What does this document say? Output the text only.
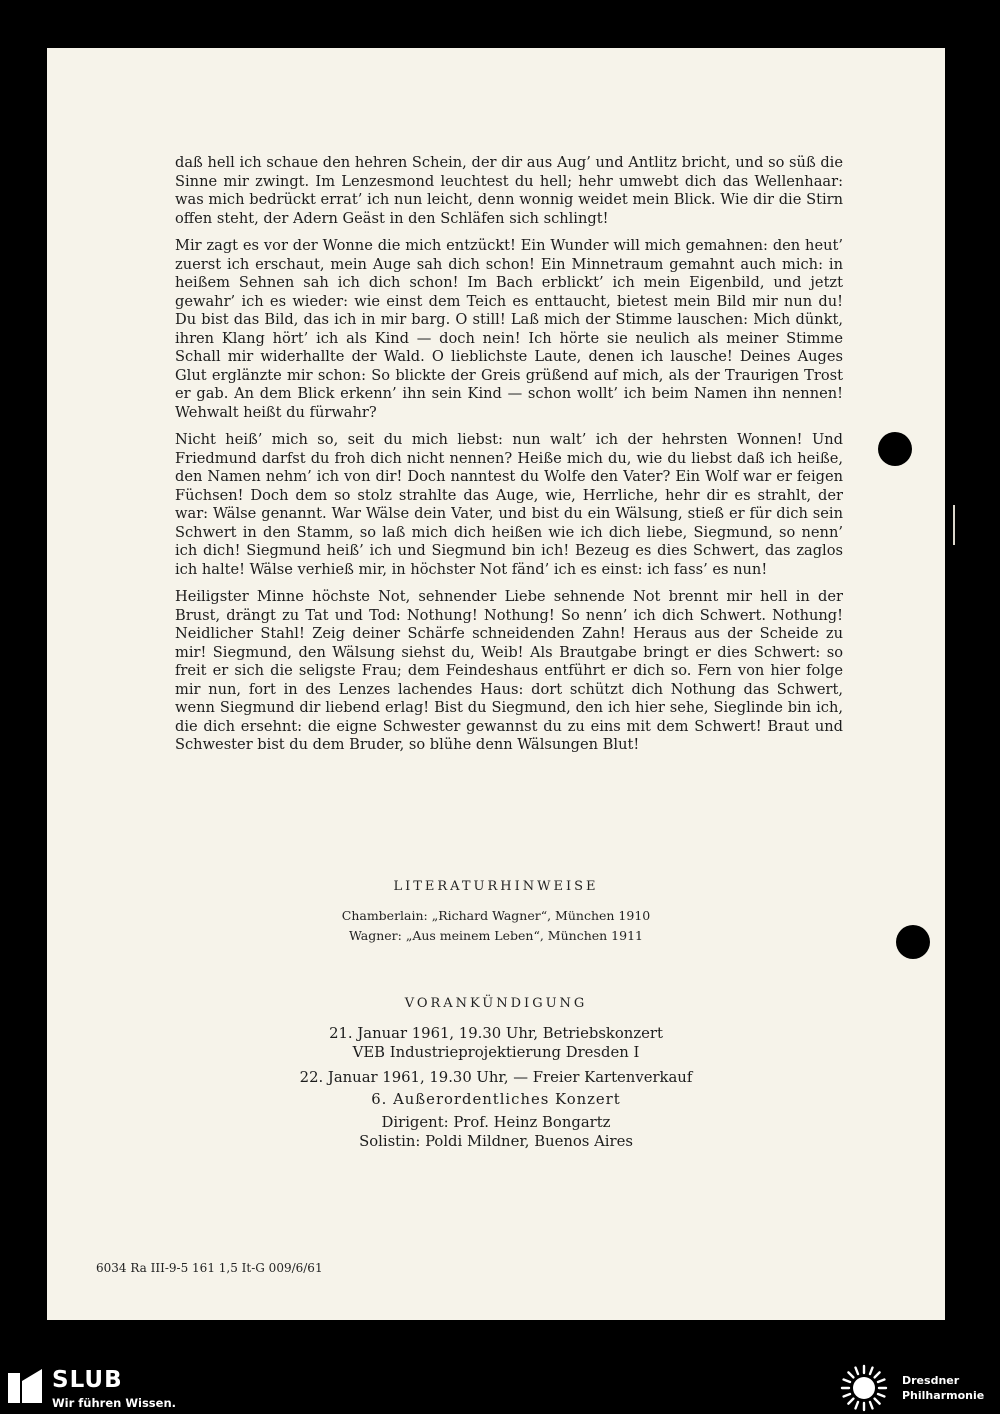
daß hell ich schaue den hehren Schein, der dir aus Aug’ und Antlitz bricht, und so süß die Sinne mir zwingt. Im Lenzesmond leuchtest du hell; hehr umwebt dich das Wellenhaar: was mich bedrückt errat’ ich nun leicht, denn wonnig weidet mein Blick. Wie dir die Stirn offen steht, der Adern Geäst in den Schläfen sich schlingt!

Mir zagt es vor der Wonne die mich entzückt! Ein Wunder will mich gemahnen: den heut’ zuerst ich erschaut, mein Auge sah dich schon! Ein Minnetraum gemahnt auch mich: in heißem Sehnen sah ich dich schon! Im Bach erblickt’ ich mein Eigenbild, und jetzt gewahr’ ich es wieder: wie einst dem Teich es enttaucht, bietest mein Bild mir nun du! Du bist das Bild, das ich in mir barg. O still! Laß mich der Stimme lauschen: Mich dünkt, ihren Klang hört’ ich als Kind — doch nein! Ich hörte sie neulich als meiner Stimme Schall mir widerhallte der Wald. O lieblichste Laute, denen ich lausche! Deines Auges Glut erglänzte mir schon: So blickte der Greis grüßend auf mich, als der Traurigen Trost er gab. An dem Blick erkenn’ ihn sein Kind — schon wollt’ ich beim Namen ihn nennen! Wehwalt heißt du fürwahr?

Nicht heiß’ mich so, seit du mich liebst: nun walt’ ich der hehrsten Wonnen! Und Friedmund darfst du froh dich nicht nennen? Heiße mich du, wie du liebst daß ich heiße, den Namen nehm’ ich von dir! Doch nanntest du Wolfe den Vater? Ein Wolf war er feigen Füchsen! Doch dem so stolz strahlte das Auge, wie, Herrliche, hehr dir es strahlt, der war: Wälse genannt. War Wälse dein Vater, und bist du ein Wälsung, stieß er für dich sein Schwert in den Stamm, so laß mich dich heißen wie ich dich liebe, Siegmund, so nenn’ ich dich! Siegmund heiß’ ich und Siegmund bin ich! Bezeug es dies Schwert, das zaglos ich halte! Wälse verhieß mir, in höchster Not fänd’ ich es einst: ich fass’ es nun!

Heiligster Minne höchste Not, sehnender Liebe sehnende Not brennt mir hell in der Brust, drängt zu Tat und Tod: Nothung! Nothung! So nenn’ ich dich Schwert. Nothung! Neidlicher Stahl! Zeig deiner Schärfe schneidenden Zahn! Heraus aus der Scheide zu mir! Siegmund, den Wälsung siehst du, Weib! Als Brautgabe bringt er dies Schwert: so freit er sich die seligste Frau; dem Feindeshaus entführt er dich so. Fern von hier folge mir nun, fort in des Lenzes lachendes Haus: dort schützt dich Nothung das Schwert, wenn Siegmund dir liebend erlag! Bist du Siegmund, den ich hier sehe, Sieglinde bin ich, die dich ersehnt: die eigne Schwester gewannst du zu eins mit dem Schwert! Braut und Schwester bist du dem Bruder, so blühe denn Wälsungen Blut!

LITERATURHINWEISE
Chamberlain: „Richard Wagner“, München 1910
Wagner: „Aus meinem Leben“, München 1911
VORANKÜNDIGUNG
21. Januar 1961, 19.30 Uhr, Betriebskonzert
VEB Industrieprojektierung Dresden I
22. Januar 1961, 19.30 Uhr, — Freier Kartenverkauf
6. Außerordentliches Konzert
Dirigent: Prof. Heinz Bongartz
Solistin: Poldi Mildner, Buenos Aires
6034 Ra III-9-5 161 1,5 It-G 009/6/61
SLUB
Wir führen Wissen.
Dresdner
Philharmonie
